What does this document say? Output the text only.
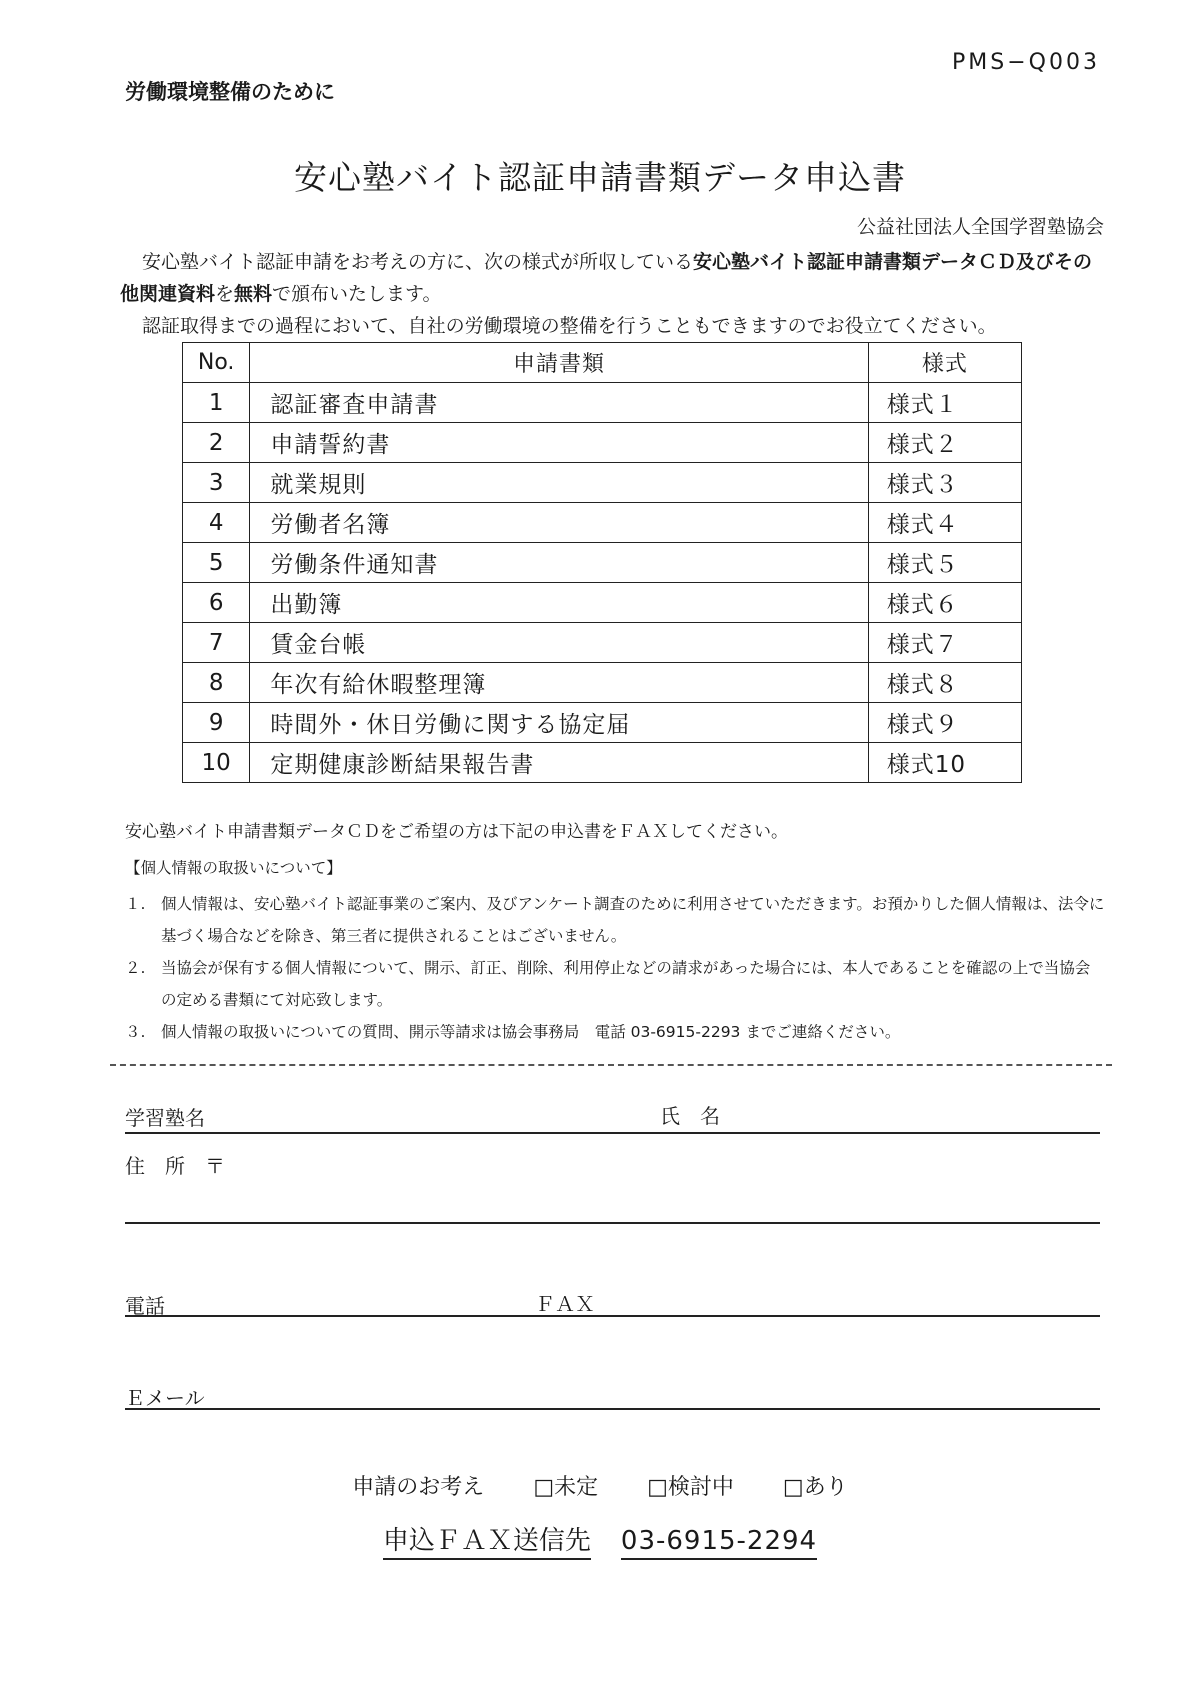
PMS−Q003
労働環境整備のために
安心塾バイト認証申請書類データ申込書
公益社団法人全国学習塾協会

安心塾バイト認証申請をお考えの方に、次の様式が所収している安心塾バイト認証申請書類データＣＤ及びその他関連資料を無料で頒布いたします。

認証取得までの過程において、自社の労働環境の整備を行うこともできますのでお役立てください。

No.	申請書類	様式
1	認証審査申請書	様式１
2	申請誓約書	様式２
3	就業規則	様式３
4	労働者名簿	様式４
5	労働条件通知書	様式５
6	出勤簿	様式６
7	賃金台帳	様式７
8	年次有給休暇整理簿	様式８
9	時間外・休日労働に関する協定届	様式９
10	定期健康診断結果報告書	様式10
安心塾バイト申請書類データＣＤをご希望の方は下記の申込書をＦＡＸしてください。

【個人情報の取扱いについて】

１.	個人情報は、安心塾バイト認証事業のご案内、及びアンケート調査のために利用させていただきます。お預かりした個人情報は、法令に基づく場合などを除き、第三者に提供されることはございません。
２.	当協会が保有する個人情報について、開示、訂正、削除、利用停止などの請求があった場合には、本人であることを確認の上で当協会の定める書類にて対応致します。
３.	個人情報の取扱いについての質問、開示等請求は協会事務局　電話 03-6915-2293 までご連絡ください。
学習塾名	氏　名
住　所　〒
電話	ＦＡＸ
Ｅメール
申請のお考え □未定 □検討中 □あり
申込ＦＡＸ送信先 03-6915-2294
